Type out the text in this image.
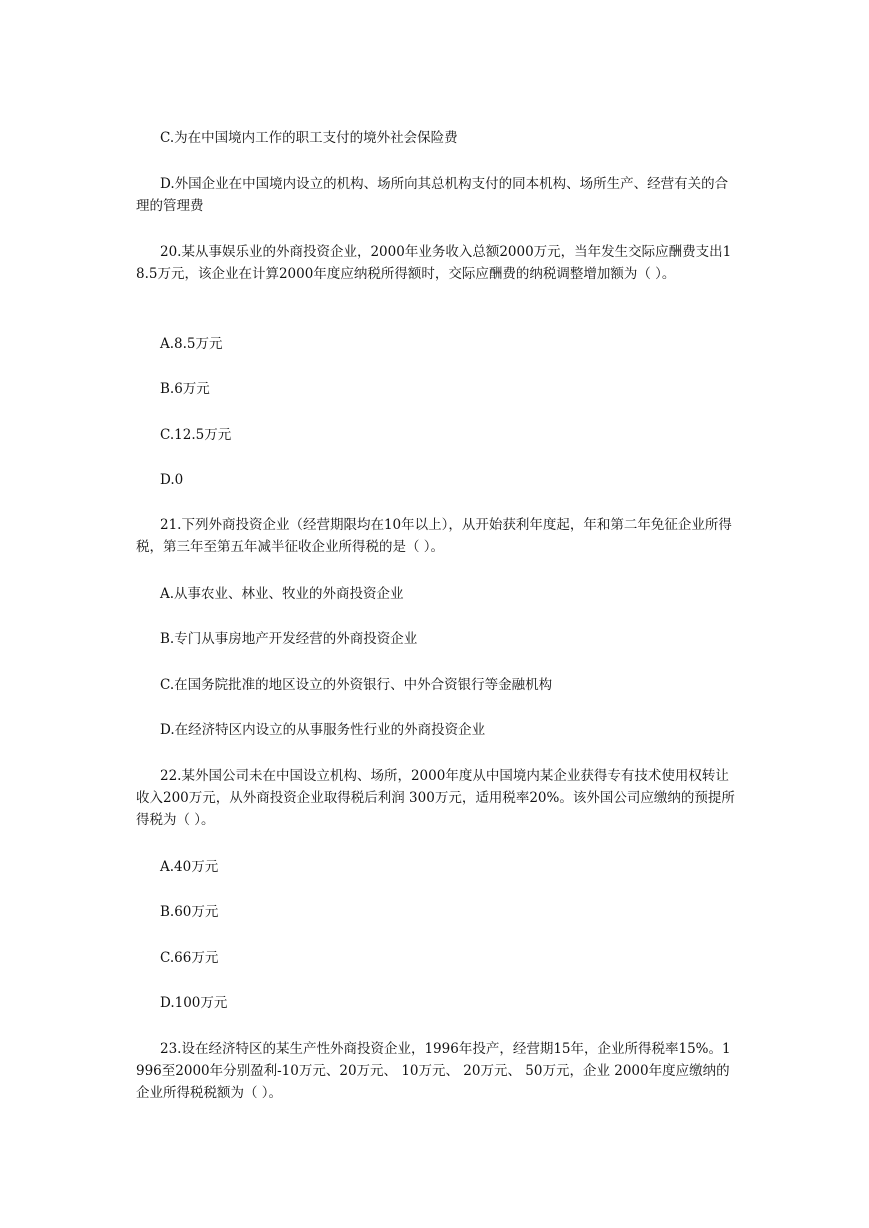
C.为在中国境内工作的职工支付的境外社会保险费

D.外国企业在中国境内设立的机构、场所向其总机构支付的同本机构、场所生产、经营有关的合理的管理费

20.某从事娱乐业的外商投资企业，2000年业务收入总额2000万元，当年发生交际应酬费支出18.5万元，该企业在计算2000年度应纳税所得额时，交际应酬费的纳税调整增加额为（ ）。

A.8.5万元

B.6万元

C.12.5万元

D.0

21.下列外商投资企业（经营期限均在10年以上），从开始获利年度起，年和第二年免征企业所得税，第三年至第五年减半征收企业所得税的是（ ）。

A.从事农业、林业、牧业的外商投资企业

B.专门从事房地产开发经营的外商投资企业

C.在国务院批准的地区设立的外资银行、中外合资银行等金融机构

D.在经济特区内设立的从事服务性行业的外商投资企业

22.某外国公司未在中国设立机构、场所，2000年度从中国境内某企业获得专有技术使用权转让收入200万元，从外商投资企业取得税后利润 300万元，适用税率20%。该外国公司应缴纳的预提所得税为（ ）。

A.40万元

B.60万元

C.66万元

D.100万元

23.设在经济特区的某生产性外商投资企业，1996年投产，经营期15年，企业所得税率15%。1996至2000年分别盈利-10万元、20万元、 10万元、 20万元、 50万元，企业 2000年度应缴纳的企业所得税税额为（ ）。
